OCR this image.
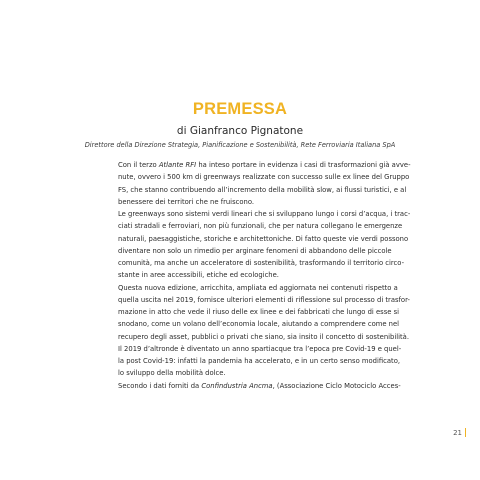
PREMESSA
di Gianfranco Pignatone
Direttore della Direzione Strategia, Pianificazione e Sostenibilità, Rete Ferroviaria Italiana SpA
Con il terzo Atlante RFI ha inteso portare in evidenza i casi di trasformazioni già avve-
nute, ovvero i 500 km di greenways realizzate con successo sulle ex linee del Gruppo
FS, che stanno contribuendo all’incremento della mobilità slow, ai flussi turistici, e al
benessere dei territori che ne fruiscono.
Le greenways sono sistemi verdi lineari che si sviluppano lungo i corsi d’acqua, i trac-
ciati stradali e ferroviari, non più funzionali, che per natura collegano le emergenze
naturali, paesaggistiche, storiche e architettoniche. Di fatto queste vie verdi possono
diventare non solo un rimedio per arginare fenomeni di abbandono delle piccole
comunità, ma anche un acceleratore di sostenibilità, trasformando il territorio circo-
stante in aree accessibili, etiche ed ecologiche.
Questa nuova edizione, arricchita, ampliata ed aggiornata nei contenuti rispetto a
quella uscita nel 2019, fornisce ulteriori elementi di riflessione sul processo di trasfor-
mazione in atto che vede il riuso delle ex linee e dei fabbricati che lungo di esse si
snodano, come un volano dell’economia locale, aiutando a comprendere come nel
recupero degli asset, pubblici o privati che siano, sia insito il concetto di sostenibilità.
Il 2019 d’altronde è diventato un anno spartiacque tra l’epoca pre Covid-19 e quel-
la post Covid-19: infatti la pandemia ha accelerato, e in un certo senso modificato,
lo sviluppo della mobilità dolce.
Secondo i dati forniti da Confindustria Ancma, (Associazione Ciclo Motociclo Acces-
21
